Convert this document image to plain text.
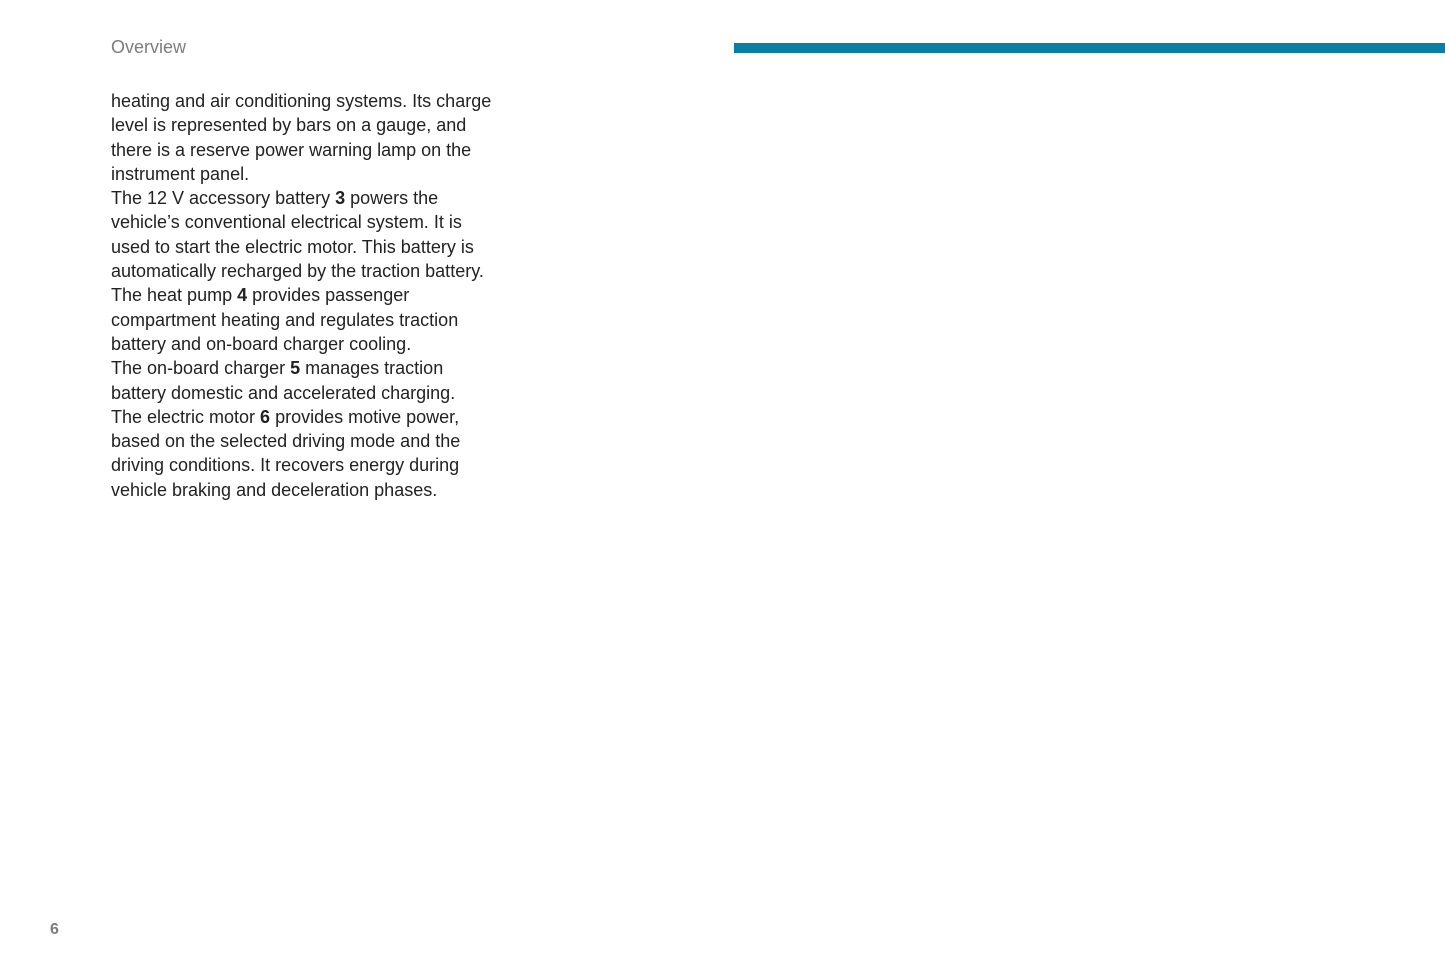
Overview

heating and air conditioning systems. Its charge
level is represented by bars on a gauge, and
there is a reserve power warning lamp on the
instrument panel.

The 12 V accessory battery 3 powers the
vehicle’s conventional electrical system. It is
used to start the electric motor. This battery is
automatically recharged by the traction battery.

The heat pump 4 provides passenger
compartment heating and regulates traction
battery and on-board charger cooling.

The on-board charger 5 manages traction
battery domestic and accelerated charging.

The electric motor 6 provides motive power,
based on the selected driving mode and the
driving conditions. It recovers energy during
vehicle braking and deceleration phases.

6
